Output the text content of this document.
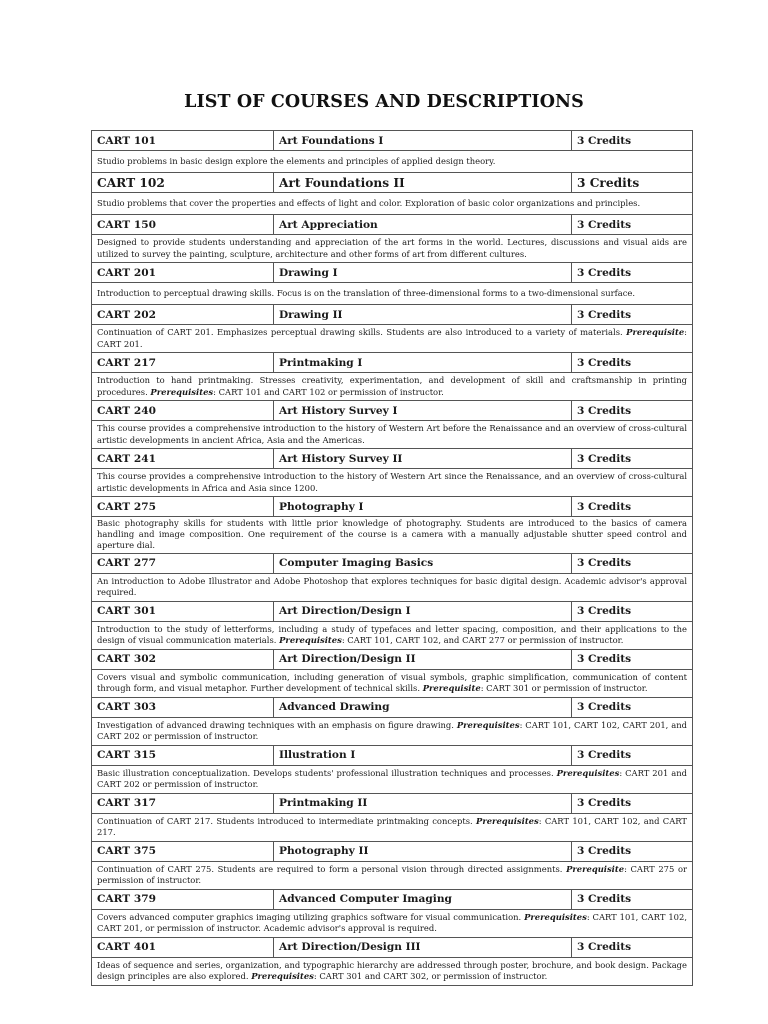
LIST OF COURSES AND DESCRIPTIONS
CART 101	Art Foundations I	3 Credits
Studio problems in basic design explore the elements and principles of applied design theory.		
CART 102	Art Foundations II	3 Credits
Studio problems that cover the properties and effects of light and color. Exploration of basic color organizations and principles.		
CART 150	Art Appreciation	3 Credits
Designed to provide students understanding and appreciation of the art forms in the world. Lectures, discussions and visual aids are utilized to survey the painting, sculpture, architecture and other forms of art from different cultures.		
CART 201	Drawing I	3 Credits
Introduction to perceptual drawing skills. Focus is on the translation of three-dimensional forms to a two-dimensional surface.		
CART 202	Drawing II	3 Credits
Continuation of CART 201. Emphasizes perceptual drawing skills. Students are also introduced to a variety of materials. Prerequisite: CART 201.		
CART 217	Printmaking I	3 Credits
Introduction to hand printmaking. Stresses creativity, experimentation, and development of skill and craftsmanship in printing procedures. Prerequisites: CART 101 and CART 102 or permission of instructor.		
CART 240	Art History Survey I	3 Credits
This course provides a comprehensive introduction to the history of Western Art before the Renaissance and an overview of cross-cultural artistic developments in ancient Africa, Asia and the Americas.		
CART 241	Art History Survey II	3 Credits
This course provides a comprehensive introduction to the history of Western Art since the Renaissance, and an overview of cross-cultural artistic developments in Africa and Asia since 1200.		
CART 275	Photography I	3 Credits
Basic photography skills for students with little prior knowledge of photography. Students are introduced to the basics of camera handling and image composition. One requirement of the course is a camera with a manually adjustable shutter speed control and aperture dial.		
CART 277	Computer Imaging Basics	3 Credits
An introduction to Adobe Illustrator and Adobe Photoshop that explores techniques for basic digital design. Academic advisor's approval required.		
CART 301	Art Direction/Design I	3 Credits
Introduction to the study of letterforms, including a study of typefaces and letter spacing, composition, and their applications to the design of visual communication materials. Prerequisites: CART 101, CART 102, and CART 277 or permission of instructor.		
CART 302	Art Direction/Design II	3 Credits
Covers visual and symbolic communication, including generation of visual symbols, graphic simplification, communication of content through form, and visual metaphor. Further development of technical skills. Prerequisite: CART 301 or permission of instructor.		
CART 303	Advanced Drawing	3 Credits
Investigation of advanced drawing techniques with an emphasis on figure drawing. Prerequisites: CART 101, CART 102, CART 201, and CART 202 or permission of instructor.		
CART 315	Illustration I	3 Credits
Basic illustration conceptualization. Develops students' professional illustration techniques and processes. Prerequisites: CART 201 and CART 202 or permission of instructor.		
CART 317	Printmaking II	3 Credits
Continuation of CART 217. Students introduced to intermediate printmaking concepts. Prerequisites: CART 101, CART 102, and CART 217.		
CART 375	Photography II	3 Credits
Continuation of CART 275. Students are required to form a personal vision through directed assignments. Prerequisite: CART 275 or permission of instructor.		
CART 379	Advanced Computer Imaging	3 Credits
Covers advanced computer graphics imaging utilizing graphics software for visual communication. Prerequisites: CART 101, CART 102, CART 201, or permission of instructor. Academic advisor's approval is required.		
CART 401	Art Direction/Design III	3 Credits
Ideas of sequence and series, organization, and typographic hierarchy are addressed through poster, brochure, and book design. Package design principles are also explored. Prerequisites: CART 301 and CART 302, or permission of instructor.		
